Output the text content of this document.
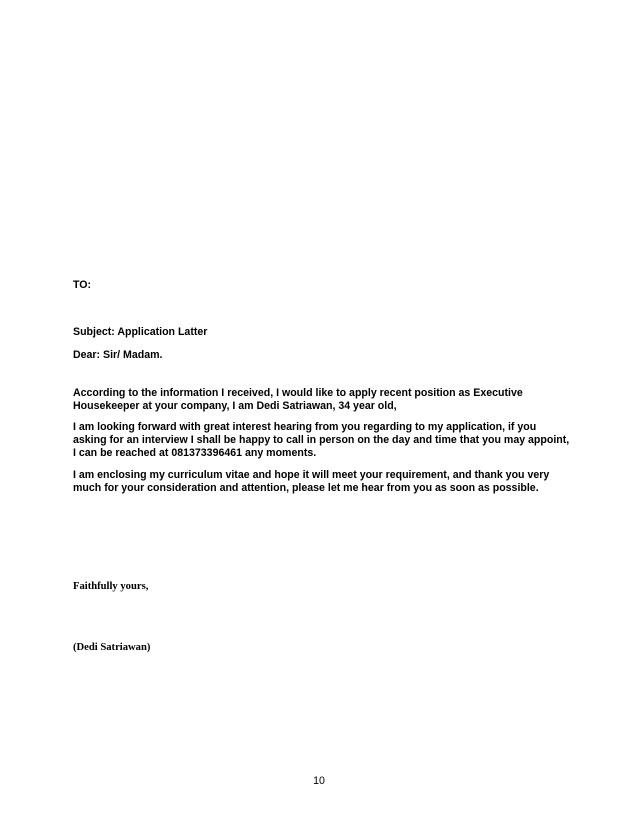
TO:
Subject: Application Latter
Dear: Sir/ Madam.
According to the information I received, I would like to apply recent position as Executive
Housekeeper at your company, I am Dedi Satriawan, 34 year old,
I am looking forward with great interest hearing from you regarding to my application, if you
asking for an interview I shall be happy to call in person on the day and time that you may appoint,
I can be reached at 081373396461 any moments.
I am enclosing my curriculum vitae and hope it will meet your requirement, and thank you very
much for your consideration and attention, please let me hear from you as soon as possible.
Faithfully yours,
(Dedi Satriawan)
10
